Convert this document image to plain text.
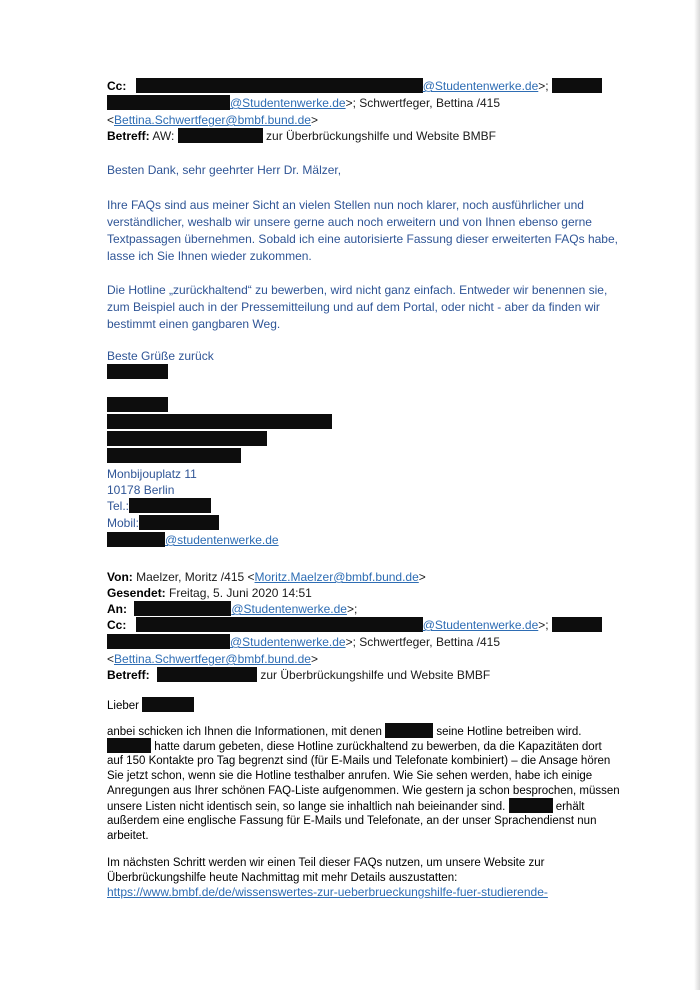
Cc:	@Studentenwerke.de>;
@Studentenwerke.de>; Schwertfeger, Bettina /415
<Bettina.Schwertfeger@bmbf.bund.de>
Betreff: AW:	zur Überbrückungshilfe und Website BMBF
Besten Dank, sehr geehrter Herr Dr. Mälzer,
Ihre FAQs sind aus meiner Sicht an vielen Stellen nun noch klarer, noch ausführlicher und
verständlicher, weshalb wir unsere gerne auch noch erweitern und von Ihnen ebenso gerne
Textpassagen übernehmen. Sobald ich eine autorisierte Fassung dieser erweiterten FAQs habe,
lasse ich Sie Ihnen wieder zukommen.
Die Hotline „zurückhaltend“ zu bewerben, wird nicht ganz einfach. Entweder wir benennen sie,
zum Beispiel auch in der Pressemitteilung und auf dem Portal, oder nicht - aber da finden wir
bestimmt einen gangbaren Weg.
Beste Grüße zurück
Monbijouplatz 11
10178 Berlin
Tel.:
Mobil:
@studentenwerke.de
Von: Maelzer, Moritz /415 <Moritz.Maelzer@bmbf.bund.de>
Gesendet: Freitag, 5. Juni 2020 14:51
An:	@Studentenwerke.de>;
Cc:	@Studentenwerke.de>;
@Studentenwerke.de>; Schwertfeger, Bettina /415
<Bettina.Schwertfeger@bmbf.bund.de>
Betreff:	zur Überbrückungshilfe und Website BMBF
Lieber
anbei schicken ich Ihnen die Informationen, mit denen	seine Hotline betreiben wird.
hatte darum gebeten, diese Hotline zurückhaltend zu bewerben, da die Kapazitäten dort
auf 150 Kontakte pro Tag begrenzt sind (für E-Mails und Telefonate kombiniert) – die Ansage hören
Sie jetzt schon, wenn sie die Hotline testhalber anrufen. Wie Sie sehen werden, habe ich einige
Anregungen aus Ihrer schönen FAQ-Liste aufgenommen. Wie gestern ja schon besprochen, müssen
unsere Listen nicht identisch sein, so lange sie inhaltlich nah beieinander sind.	erhält
außerdem eine englische Fassung für E-Mails und Telefonate, an der unser Sprachendienst nun
arbeitet.
Im nächsten Schritt werden wir einen Teil dieser FAQs nutzen, um unsere Website zur
Überbrückungshilfe heute Nachmittag mit mehr Details auszustatten:
https://www.bmbf.de/de/wissenswertes-zur-ueberbrueckungshilfe-fuer-studierende-
